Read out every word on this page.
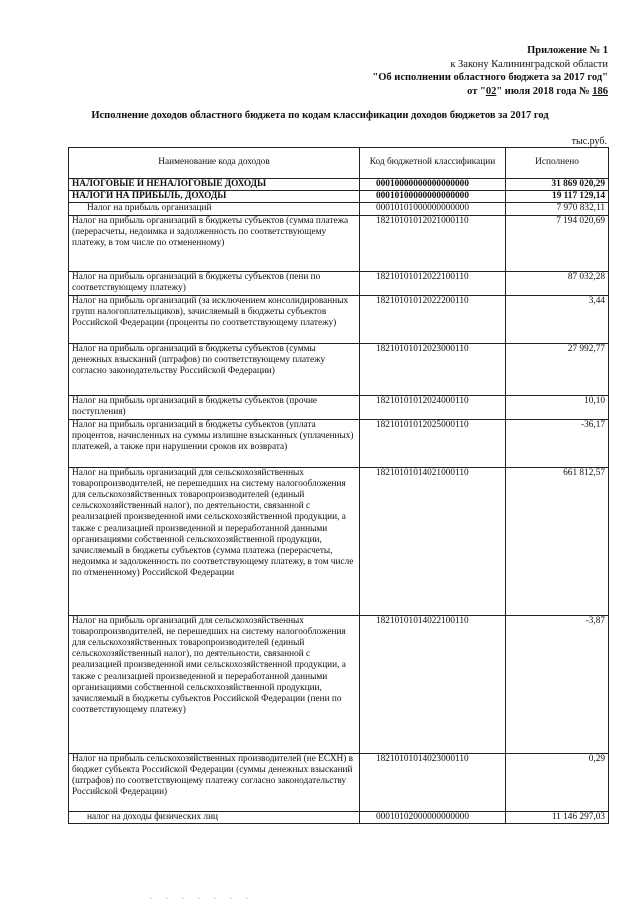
Приложение № 1
к Закону Калининградской области
"Об исполнении областного бюджета за 2017 год"
от "02" июля 2018 года № 186
Исполнение доходов областного бюджета по кодам классификации доходов бюджетов за 2017 год
тыс.руб.
Наименование кода доходов	Код бюджетной классификации	Исполнено
НАЛОГОВЫЕ И НЕНАЛОГОВЫЕ ДОХОДЫ	00010000000000000000	31 869 020,29
НАЛОГИ НА ПРИБЫЛЬ, ДОХОДЫ	00010100000000000000	19 117 129,14
Налог на прибыль организаций	00010101000000000000	7 970 832,11
Налог на прибыль организаций в бюджеты субъектов (сумма платежа (перерасчеты, недоимка и задолженность по соответствующему платежу, в том числе по отмененному)	18210101012021000110	7 194 020,69
Налог на прибыль организаций в бюджеты субъектов (пени по соответствующему платежу)	18210101012022100110	87 032,28
Налог на прибыль организаций (за исключением консолидированных групп налогоплательщиков), зачисляемый в бюджеты субъектов Российской Федерации (проценты по соответствующему платежу)	18210101012022200110	3,44
Налог на прибыль организаций в бюджеты субъектов (суммы денежных взысканий (штрафов) по соответствующему платежу согласно законодательству Российской Федерации)	18210101012023000110	27 992,77
Налог на прибыль организаций в бюджеты субъектов (прочие поступления)	18210101012024000110	10,10
Налог на прибыль организаций в бюджеты субъектов (уплата процентов, начисленных на суммы излишне взысканных (уплаченных) платежей, а также при нарушении сроков их возврата)	18210101012025000110	-36,17
Налог на прибыль организаций для сельскохозяйственных товаропроизводителей, не перешедших на систему налогообложения для сельскохозяйственных товаропроизводителей (единый сельскохозяйственный налог), по деятельности, связанной с реализацией произведенной ими сельскохозяйственной продукции, а также с реализацией произведенной и переработанной данными организациями собственной сельскохозяйственной продукции, зачисляемый в бюджеты субъектов (сумма платежа (перерасчеты, недоимка и задолженность по соответствующему платежу, в том числе по отмененному) Российской Федерации	18210101014021000110	661 812,57
Налог на прибыль организаций для сельскохозяйственных товаропроизводителей, не перешедших на систему налогообложения для сельскохозяйственных товаропроизводителей (единый сельскохозяйственный налог), по деятельности, связанной с реализацией произведенной ими сельскохозяйственной продукции, а также с реализацией произведенной и переработанной данными организациями собственной сельскохозяйственной продукции, зачисляемый в бюджеты субъектов Российской Федерации (пени по соответствующему платежу)	18210101014022100110	-3,87
Налог на прибыль сельскохозяйственных производителей (не ЕСХН) в бюджет субъекта Российской Федерации (суммы денежных взысканий (штрафов) по соответствующему платежу согласно законодательству Российской Федерации)	18210101014023000110	0,29
налог на доходы физических лиц	00010102000000000000	11 146 297,03
. . . . . . .
